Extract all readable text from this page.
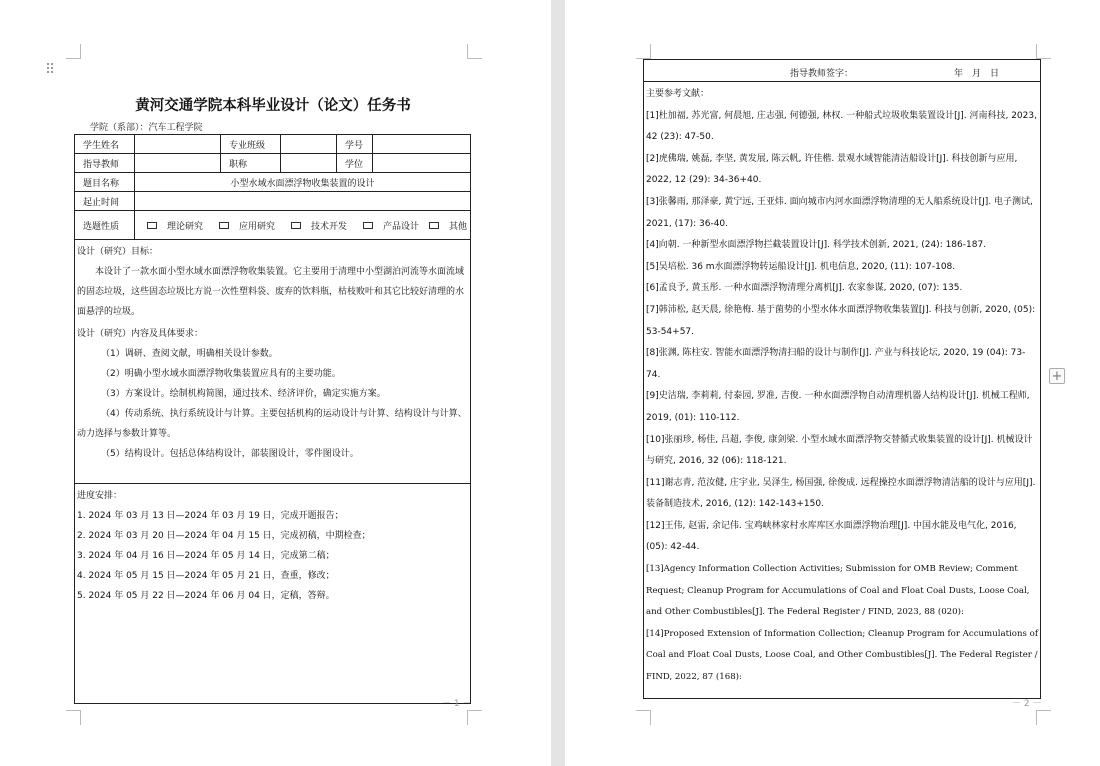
⠿
黄河交通学院本科毕业设计（论文）任务书
学院（系部）：汽车工程学院
学生姓名	专业班级	学号
指导教师	职称	学位
题目名称	小型水域水面漂浮物收集装置的设计
起止时间
选题性质	理论研究	应用研究	技术开发	产品设计	其他

设计（研究）目标：

本设计了一款水面小型水域水面漂浮物收集装置。它主要用于清理中小型湖泊河流等水面流域的固态垃圾，这些固态垃圾比方说一次性塑料袋、废弃的饮料瓶，枯枝败叶和其它比较好清理的水面悬浮的垃圾。

设计（研究）内容及具体要求：

（1）调研、查阅文献，明确相关设计参数。

（2）明确小型水域水面漂浮物收集装置应具有的主要功能。

（3）方案设计。绘制机构简图，通过技术、经济评价，确定实施方案。

（4）传动系统、执行系统设计与计算。主要包括机构的运动设计与计算、结构设计与计算、动力选择与参数计算等。

（5）结构设计。包括总体结构设计，部装图设计，零件图设计。

进度安排：

1. 2024 年 03 月 13 日—2024 年 03 月 19 日，完成开题报告；

2. 2024 年 03 月 20 日—2024 年 04 月 15 日，完成初稿，中期检查；

3. 2024 年 04 月 16 日—2024 年 05 月 14 日，完成第二稿；

4. 2024 年 05 月 15 日—2024 年 05 月 21 日，查重，修改；

5. 2024 年 05 月 22 日—2024 年 06 月 04 日，定稿，答辩。

－ 1 －
指导教师签字：	年　月　日

主要参考文献：

[1]杜加福, 苏光富, 何晨旭, 庄志强, 何德强, 林权. 一种船式垃圾收集装置设计[J]. 河南科技, 2023, 42 (23): 47-50.

[2]虎佛瑞, 姚磊, 李坚, 黄发展, 陈云帆, 许佳楷. 景观水域智能清洁船设计[J]. 科技创新与应用, 2022, 12 (29): 34-36+40.

[3]张馨雨, 那泽豪, 黄宁远, 王亚炜. 面向城市内河水面漂浮物清理的无人船系统设计[J]. 电子测试, 2021, (17): 36-40.

[4]向朝. 一种新型水面漂浮物拦截装置设计[J]. 科学技术创新, 2021, (24): 186-187.

[5]吴培松. 36 m水面漂浮物转运船设计[J]. 机电信息, 2020, (11): 107-108.

[6]孟良予, 黄玉彤. 一种水面漂浮物清理分离机[J]. 农家参谋, 2020, (07): 135.

[7]韩沛松, 赵天晨, 徐艳梅. 基于菌势的小型水体水面漂浮物收集装置[J]. 科技与创新, 2020, (05): 53-54+57.

[8]张渊, 陈柱安. 智能水面漂浮物清扫船的设计与制作[J]. 产业与科技论坛, 2020, 19 (04): 73-74.

[9]史洁瑞, 李莉莉, 付泰园, 罗准, 吉俊. 一种水面漂浮物自动清理机器人结构设计[J]. 机械工程师, 2019, (01): 110-112.

[10]张丽珍, 杨佳, 吕超, 李俊, 康剑梁. 小型水域水面漂浮物交替循式收集装置的设计[J]. 机械设计与研究, 2016, 32 (06): 118-121.

[11]谢志青, 范汝健, 庄宇业, 吴泽生, 杨国强, 徐俊成. 远程操控水面漂浮物清洁船的设计与应用[J]. 装备制造技术, 2016, (12): 142-143+150.

[12]王伟, 赵雷, 余记伟. 宝鸡峡林家村水库库区水面漂浮物治理[J]. 中国水能及电气化, 2016, (05): 42-44.

[13]Agency Information Collection Activities; Submission for OMB Review; Comment Request; Cleanup Program for Accumulations of Coal and Float Coal Dusts, Loose Coal, and Other Combustibles[J]. The Federal Register / FIND, 2023, 88 (020):

[14]Proposed Extension of Information Collection; Cleanup Program for Accumulations of Coal and Float Coal Dusts, Loose Coal, and Other Combustibles[J]. The Federal Register / FIND, 2022, 87 (168):

－ 2 －
+
